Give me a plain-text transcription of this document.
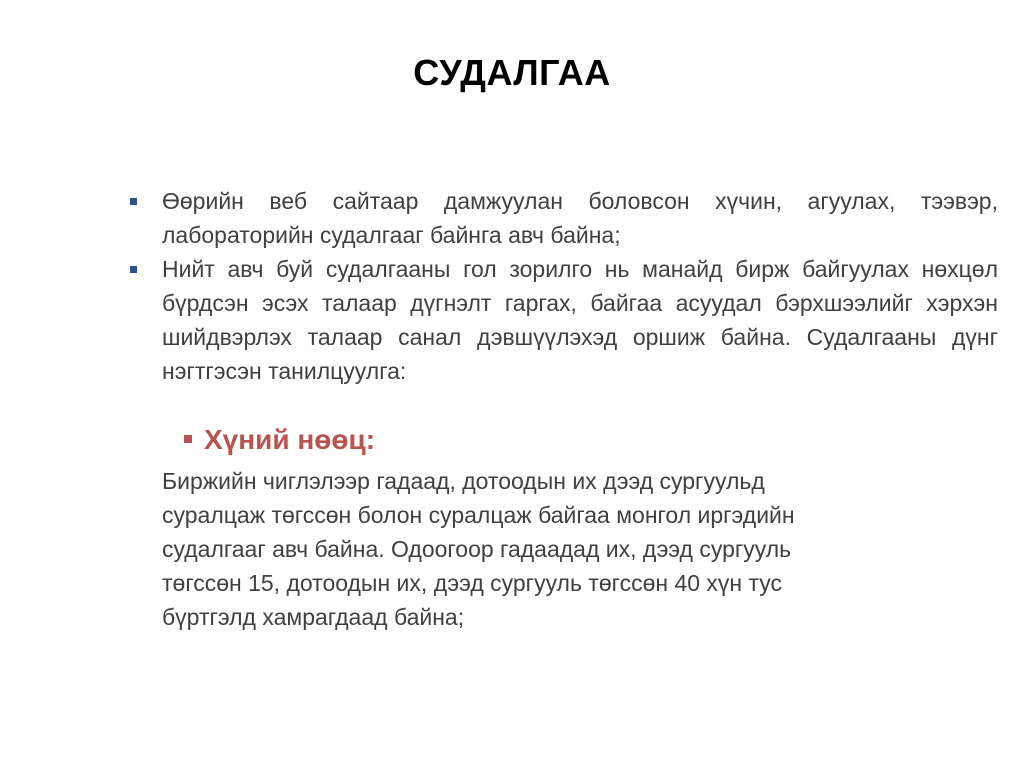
СУДАЛГАА
Өөрийн веб сайтаар дамжуулан боловсон хүчин, агуулах, тээвэр, лабораторийн судалгааг байнга авч байна;
Нийт авч буй судалгааны гол зорилго нь манайд бирж байгуулах нөхцөл бүрдсэн эсэх талаар дүгнэлт гаргах, байгаа асуудал бэрхшээлийг хэрхэн шийдвэрлэх талаар санал дэвшүүлэхэд оршиж байна. Судалгааны дүнг нэгтгэсэн танилцуулга:
Хүний нөөц:

Биржийн чиглэлээр гадаад, дотоодын их дээд сургуульд
суралцаж төгссөн болон суралцаж байгаа монгол иргэдийн
судалгааг авч байна. Одоогоор гадаадад их, дээд сургууль
төгссөн 15, дотоодын их, дээд сургууль төгссөн 40 хүн тус
бүртгэлд хамрагдаад байна;
